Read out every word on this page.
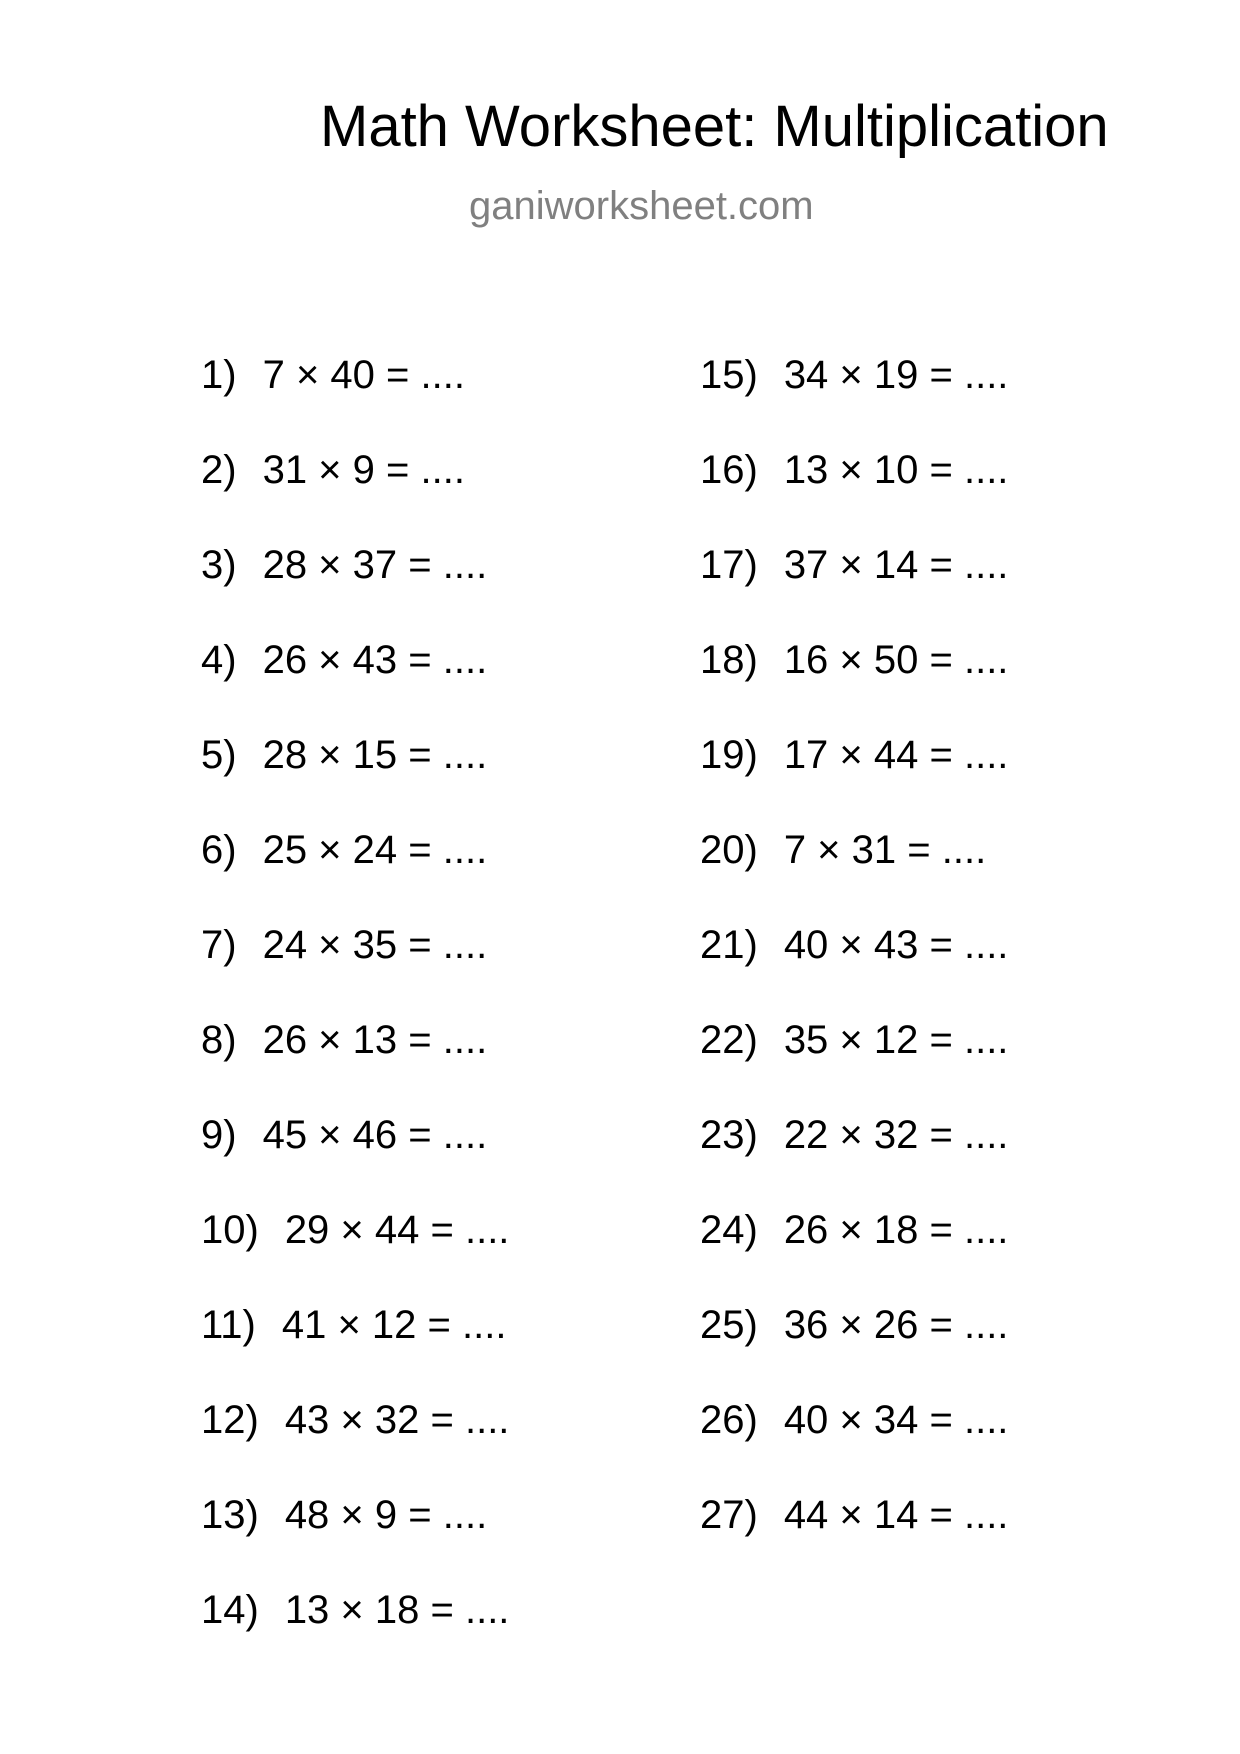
Math Worksheet: Multiplication
ganiworksheet.com
1) 7 × 40 = ....
2) 31 × 9 = ....
3) 28 × 37 = ....
4) 26 × 43 = ....
5) 28 × 15 = ....
6) 25 × 24 = ....
7) 24 × 35 = ....
8) 26 × 13 = ....
9) 45 × 46 = ....
10) 29 × 44 = ....
11) 41 × 12 = ....
12) 43 × 32 = ....
13) 48 × 9 = ....
14) 13 × 18 = ....
15) 34 × 19 = ....
16) 13 × 10 = ....
17) 37 × 14 = ....
18) 16 × 50 = ....
19) 17 × 44 = ....
20) 7 × 31 = ....
21) 40 × 43 = ....
22) 35 × 12 = ....
23) 22 × 32 = ....
24) 26 × 18 = ....
25) 36 × 26 = ....
26) 40 × 34 = ....
27) 44 × 14 = ....
